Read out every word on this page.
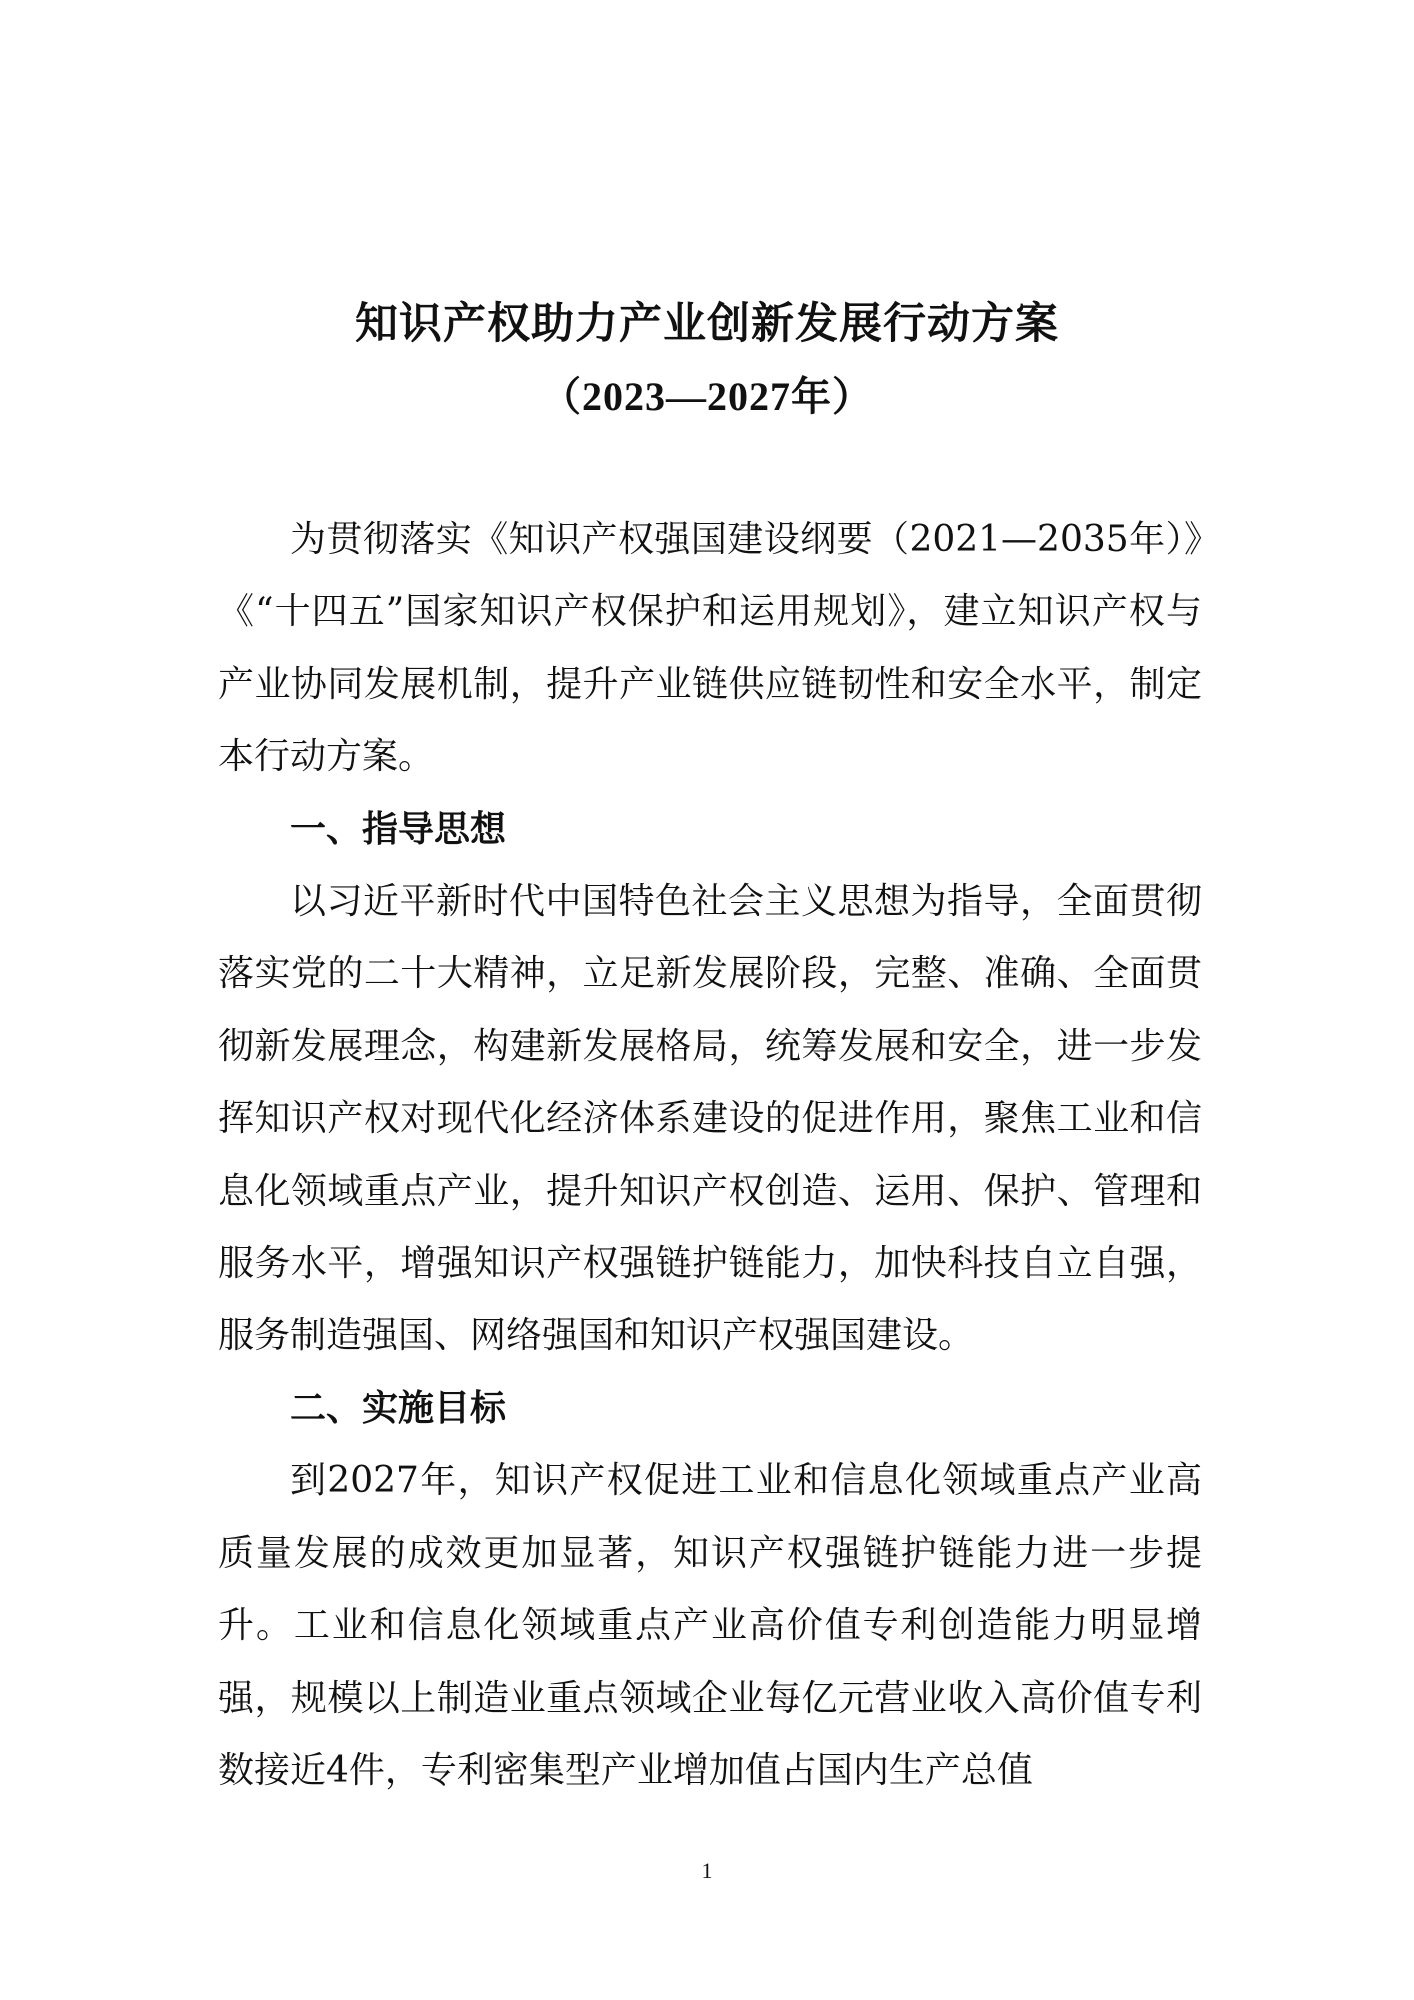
知识产权助力产业创新发展行动方案
（2023—2027年）

为贯彻落实《知识产权强国建设纲要（2021—2035年）》《“十四五”国家知识产权保护和运用规划》，建立知识产权与产业协同发展机制，提升产业链供应链韧性和安全水平，制定本行动方案。

一、指导思想

以习近平新时代中国特色社会主义思想为指导，全面贯彻落实党的二十大精神，立足新发展阶段，完整、准确、全面贯彻新发展理念，构建新发展格局，统筹发展和安全，进一步发挥知识产权对现代化经济体系建设的促进作用，聚焦工业和信息化领域重点产业，提升知识产权创造、运用、保护、管理和服务水平，增强知识产权强链护链能力，加快科技自立自强，服务制造强国、网络强国和知识产权强国建设。

二、实施目标

到2027年，知识产权促进工业和信息化领域重点产业高质量发展的成效更加显著，知识产权强链护链能力进一步提升。工业和信息化领域重点产业高价值专利创造能力明显增强，规模以上制造业重点领域企业每亿元营业收入高价值专利数接近4件，专利密集型产业增加值占国内生产总值

1
